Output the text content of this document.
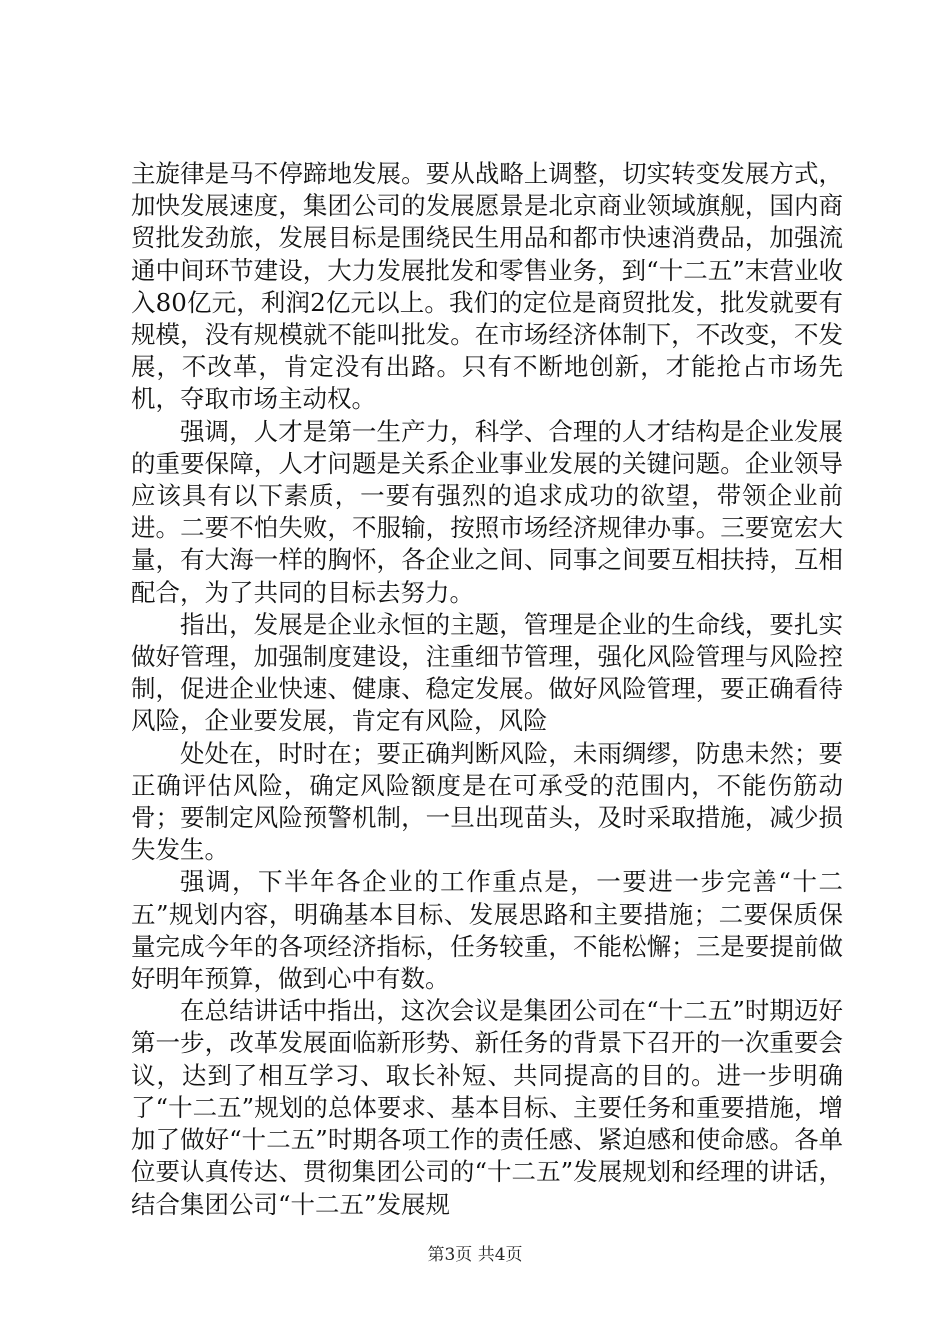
主旋律是马不停蹄地发展。要从战略上调整，切实转变发展方式，加快发展速度，集团公司的发展愿景是北京商业领域旗舰，国内商贸批发劲旅，发展目标是围绕民生用品和都市快速消费品，加强流通中间环节建设，大力发展批发和零售业务，到“十二五”末营业收入80亿元，利润2亿元以上。我们的定位是商贸批发，批发就要有规模，没有规模就不能叫批发。在市场经济体制下，不改变，不发展，不改革，肯定没有出路。只有不断地创新，才能抢占市场先机，夺取市场主动权。

强调，人才是第一生产力，科学、合理的人才结构是企业发展的重要保障，人才问题是关系企业事业发展的关键问题。企业领导应该具有以下素质，一要有强烈的追求成功的欲望，带领企业前进。二要不怕失败，不服输，按照市场经济规律办事。三要宽宏大量，有大海一样的胸怀，各企业之间、同事之间要互相扶持，互相配合，为了共同的目标去努力。

指出，发展是企业永恒的主题，管理是企业的生命线，要扎实做好管理，加强制度建设，注重细节管理，强化风险管理与风险控制，促进企业快速、健康、稳定发展。做好风险管理，要正确看待风险，企业要发展，肯定有风险，风险

处处在，时时在；要正确判断风险，未雨绸缪，防患未然；要正确评估风险，确定风险额度是在可承受的范围内，不能伤筋动骨；要制定风险预警机制，一旦出现苗头，及时采取措施，减少损失发生。

强调，下半年各企业的工作重点是，一要进一步完善“十二五”规划内容，明确基本目标、发展思路和主要措施；二要保质保量完成今年的各项经济指标，任务较重，不能松懈；三是要提前做好明年预算，做到心中有数。

在总结讲话中指出，这次会议是集团公司在“十二五”时期迈好第一步，改革发展面临新形势、新任务的背景下召开的一次重要会议，达到了相互学习、取长补短、共同提高的目的。进一步明确了“十二五”规划的总体要求、基本目标、主要任务和重要措施，增加了做好“十二五”时期各项工作的责任感、紧迫感和使命感。各单位要认真传达、贯彻集团公司的“十二五”发展规划和经理的讲话，结合集团公司“十二五”发展规

第3页 共4页
